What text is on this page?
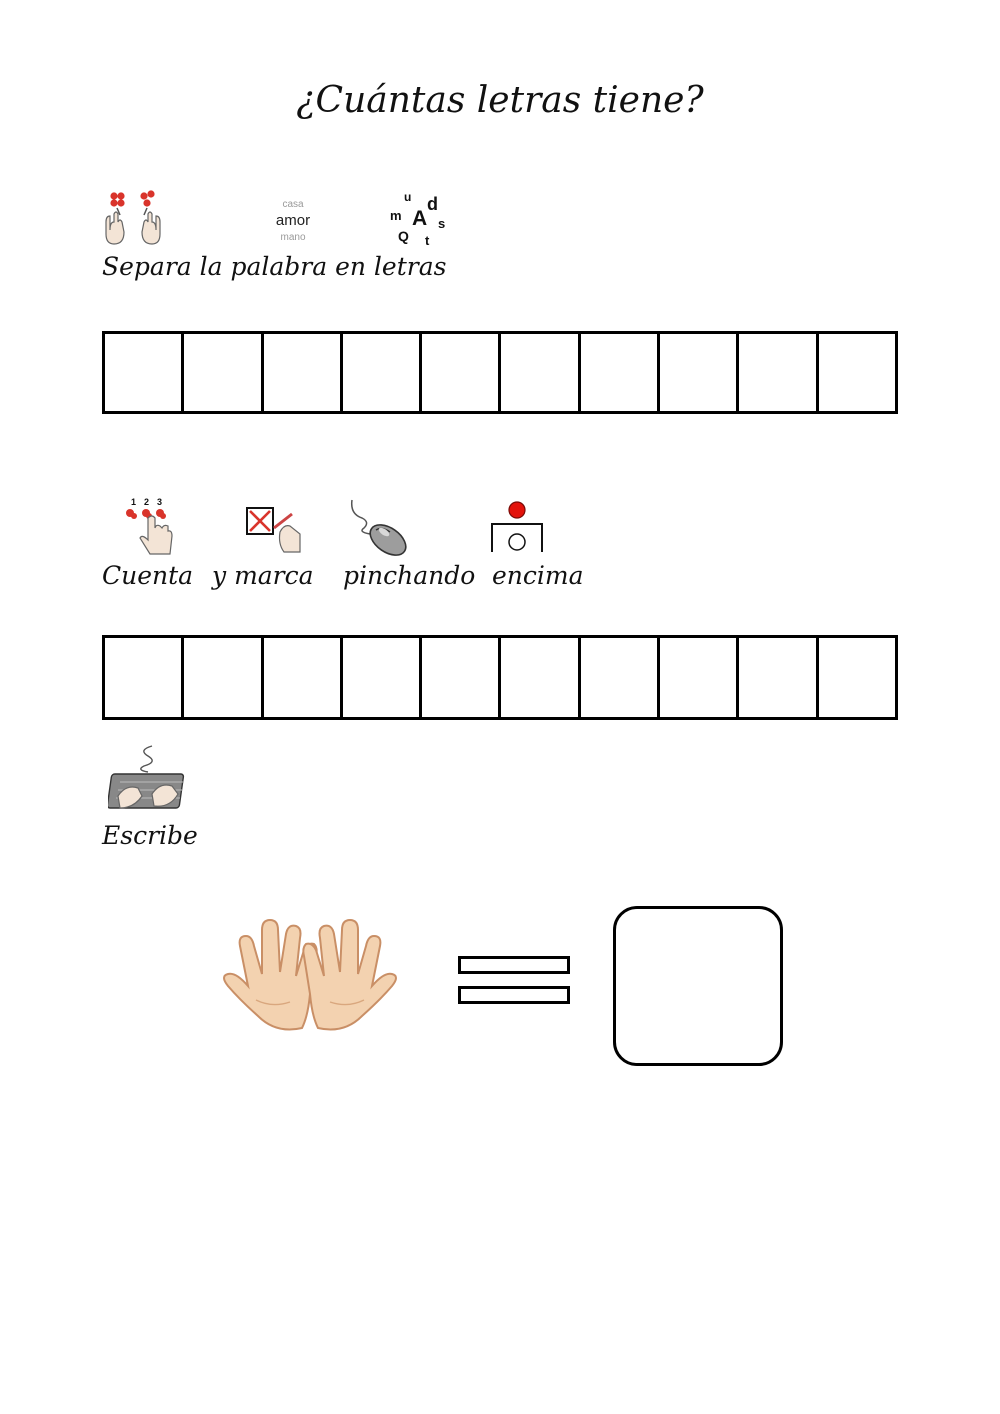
¿Cuántas letras tiene?
casa
amor
mano
u d
m A s
Q t
Separa la palabra en letras
1 2 3
Cuenta y marca pinchando encima
Escribe
